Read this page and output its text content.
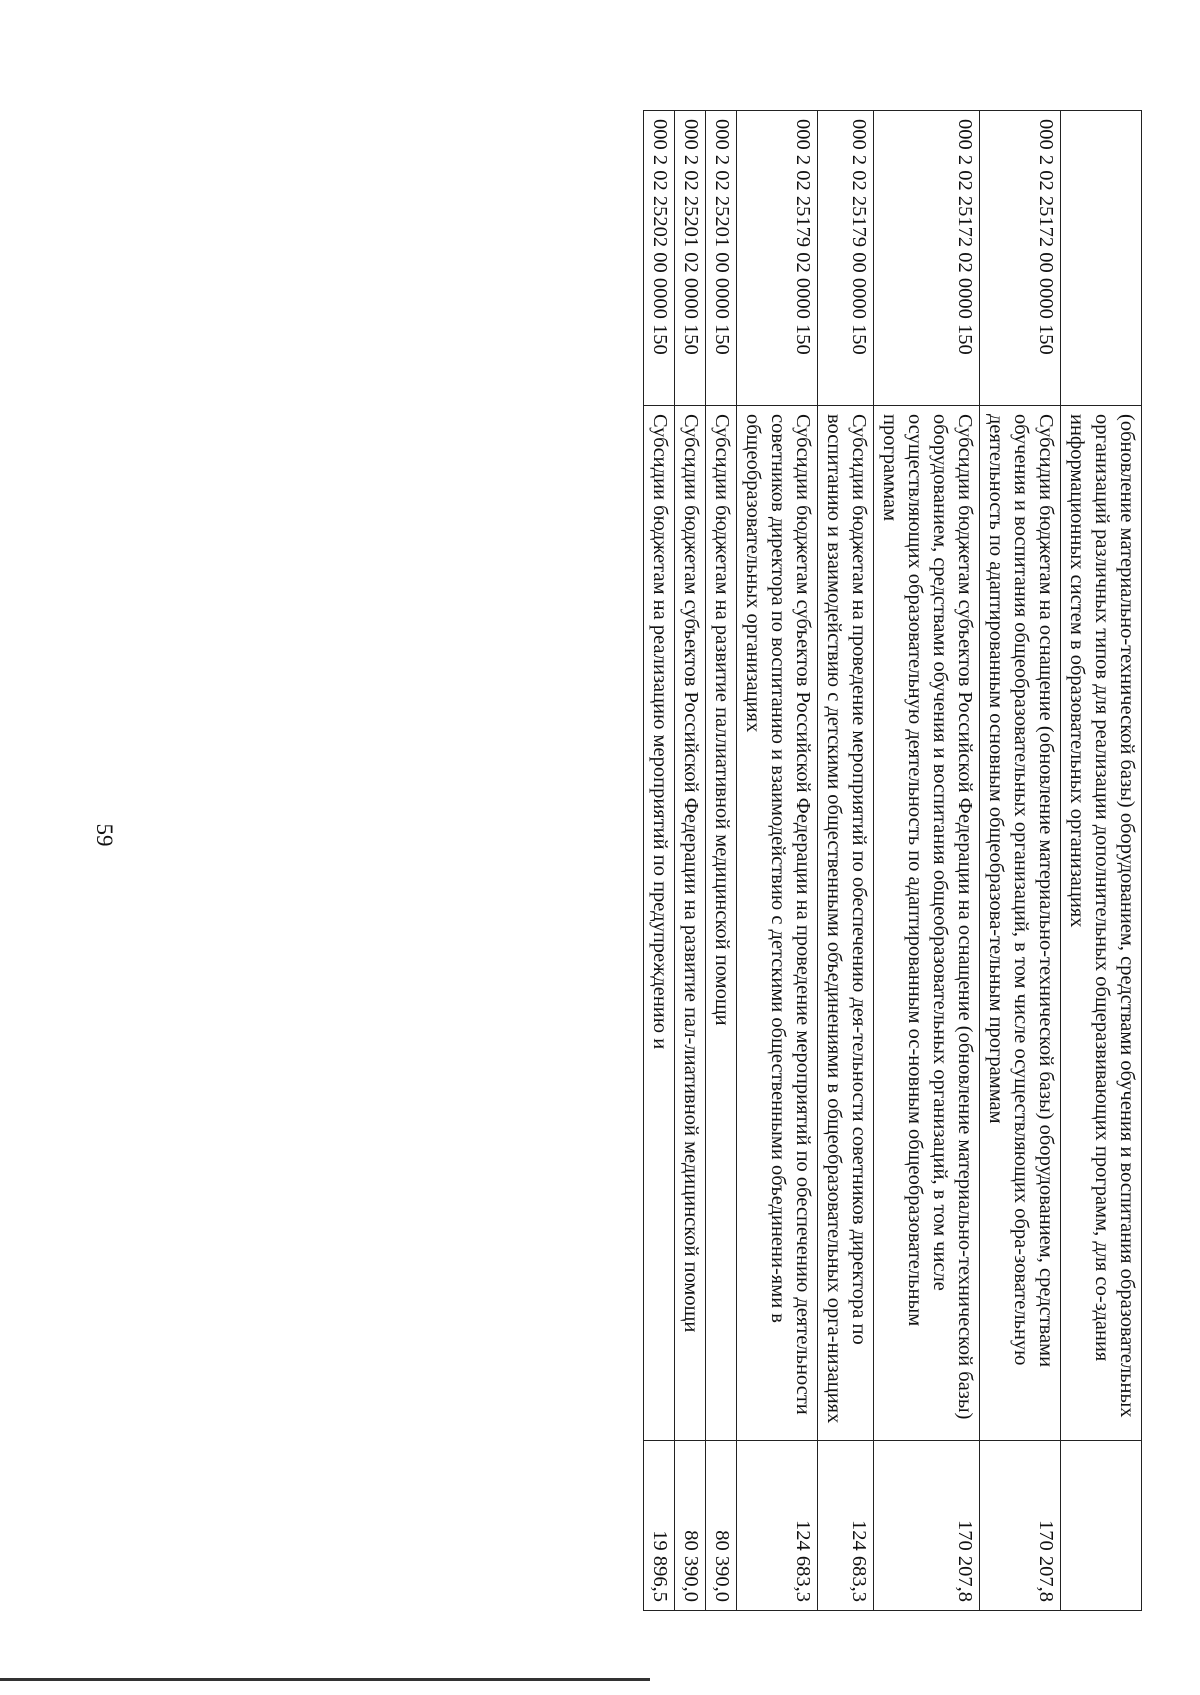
59
		(обновление материально-технической базы) оборудованием, средствами обучения и воспитания образовательных организаций различных типов для реализации дополнительных общеразвивающих программ, для со-здания информационных систем в образовательных организациях	
000 2 02 25172 00 0000 150	Субсидии бюджетам на оснащение (обновление материально-технической базы) оборудованием, средствами обучения и воспитания общеобразовательных организаций, в том числе осуществляющих обра-зовательную деятельность по адаптированным основным общеобразова-тельным программам	170 207,8
000 2 02 25172 02 0000 150	Субсидии бюджетам субъектов Российской Федерации на оснащение (обновление материально-технической базы) оборудованием, средствами обучения и воспитания общеобразовательных организаций, в том числе осуществляющих образовательную деятельность по адаптированным ос-новным общеобразовательным программам	170 207,8
000 2 02 25179 00 0000 150	Субсидии бюджетам на проведение мероприятий по обеспечению дея-тельности советников директора по воспитанию и взаимодействию с детскими общественными объединениями в общеобразовательных орга-низациях	124 683,3
000 2 02 25179 02 0000 150	Субсидии бюджетам субъектов Российской Федерации на проведение мероприятий по обеспечению деятельности советников директора по воспитанию и взаимодействию с детскими общественными объединени-ями в общеобразовательных организациях	124 683,3
000 2 02 25201 00 0000 150	Субсидии бюджетам на развитие паллиативной медицинской помощи	80 390,0
000 2 02 25201 02 0000 150	Субсидии бюджетам субъектов Российской Федерации на развитие пал-лиативной медицинской помощи	80 390,0
000 2 02 25202 00 0000 150	Субсидии бюджетам на реализацию мероприятий по предупреждению и	19 896,5
